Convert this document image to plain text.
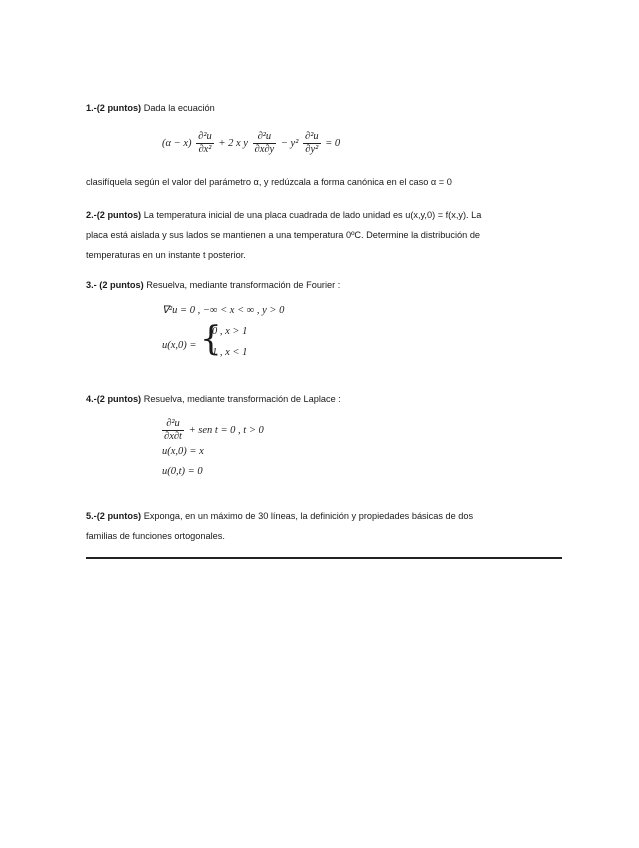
1.-(2 puntos) Dada la ecuación
$(\alpha - x) \frac{\text{∂²u}}{\text{∂x²}} + 2$ x y $\frac{\text{∂²u}}{\partial x\partial y} - y^2 \frac{\text{∂²u}}{\text{∂y²}} = 0$
clasifíquela según el valor del parámetro α, y redúzcala a forma canónica en el caso α = 0
2.-(2 puntos) La temperatura inicial de una placa cuadrada de lado unidad es u(x,y,0) = f(x,y). La
placa está aislada y sus lados se mantienen a una temperatura 0ºC. Determine la distribución de
temperaturas en un instante t posterior.
3.- (2 puntos) Resuelva, mediante transformación de Fourier :
∇²u = 0 , −∞ < x < ∞ , y > 0
u(x,0) = {
0 , x > 1
1 , x < 1
4.-(2 puntos) Resuelva, mediante transformación de Laplace :
$\frac{\text{∂²u}}{\partial x\partial t}$ + sen t = 0 , t > 0
u(x,0) = x
u(0,t) = 0
5.-(2 puntos) Exponga, en un máximo de 30 líneas, la definición y propiedades básicas de dos
familias de funciones ortogonales.
